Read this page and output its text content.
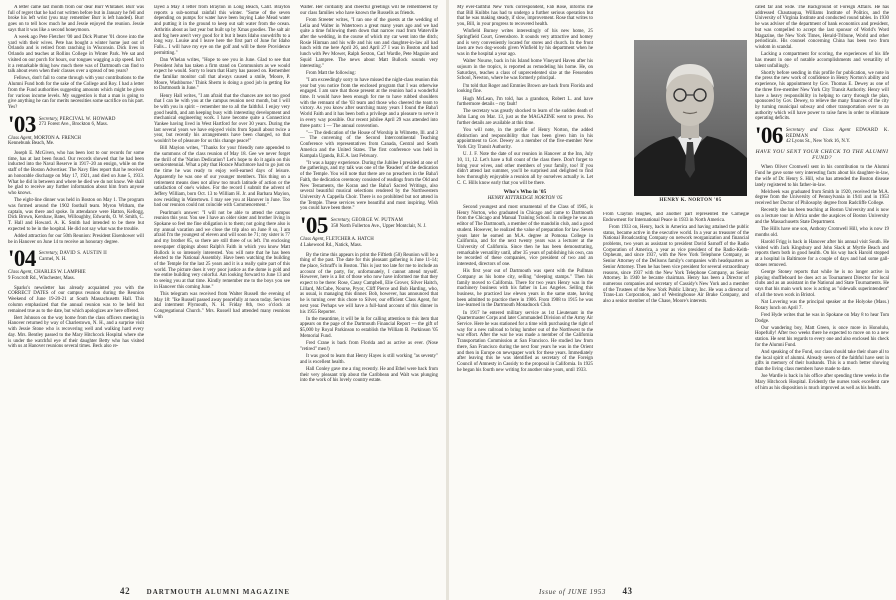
A letter came last month from our dear Burr Whitaker. Burr was full of regret that he had not written before but in January he fell and broke his left wrist (you may remember Burr is left handed). Burr goes on to tell how much he and Jessie enjoyed the reunion. Jessie says that it was like a second honeymoon.

A week ago Pete Fletcher '00 and Dick Plumer '01 drove into the yard with their wives. Pete has bought a winter home just out of Orlando and is retired from ranching in Wisconsin. Dick lives in Orlando and teaches at Rollins College in Winter Park. We sat and visited on our porch for hours, our tongues wagging a zip speed. Isn't it a remarkable thing how much there was of Dartmouth can find to talk about even when their classes over a spread of ten years?

Fellows, don't fail to come through with your contributions to the Alumni Fund both for the sake of the College and Roy. I had a letter from the Fund authorities suggesting amounts which might be given for various income levels. My suggestion is that a man is going to give anything he can for merits necessities some sacrifice on his part. Yes?

'03 Secretary, PERCIVAL W. HOWARD
273 Forest Ave., Brockton 6, Mass.
Class Agent, MORTON A. FRENCH
Kennebunk Beach, Me.

Joseph E. McGiven, who has been lost to our records for some time, has at last been found. Our records showed that he had been inducted into the Naval Reserve in 1917–20 an ensign, while on the staff of the Boston Advertiser. The Navy files report that he received an honorable discharge on May 17, 1921, and died on June 5, 1933. What he did in between and where he died we do not know. We shall be glad to receive any further information about him from anyone who knows.

The eight-line dinner was held in Boston on May 1. The program was formed around the 1902 football team. Myron Witham, the captain, was there and spoke. In attendance were Hatton, Kellogg, Dick Brown, Kershaw, Bates, Willoughby, Edwards, O. W. Smith, C. T. Hall and Howard. A. K. Smith had intended to be there but expected to be in the hospital. He did not say what was the trouble.

Added attraction for our 50th Reunion: President Eisenhower will be in Hanover on June 14 to receive an honorary degree.

'04 Secretary, DAVID S. AUSTIN II
Carmel, N. H.
Class Agent, CHARLES W. LAMPHIE
9 Foxcroft Rd., Winchester, Mass.

Sparks's newsletter has already acquainted you with the CORRECT DATES of our campus reunion during the Reunion Weekend of June 19-20-21 at South Massachusetts Hall. This column emphasized that the annual reunion was to be held but remained true as to the date, but which apologizes are here offered.

Bert Johnson on the way home from the class officers meeting in Hanover returned by way of Charlestown, N. H., and a surprise visit with Jessie Stone who is recovering well and walking hard every day. Mrs. Bentley passed to the Mary Hitchcock Hospital where she is under the watchful eye of their daughter Betty who has visited with us at Hanover reunions several times. Beck also re-

layed a May 4 letter from Brayton in Long Beach, Calif. Brayton reports a sub-normal rainfall this winter. "Some of the seven depending on pumps for water have been buying Lake Mead water and putting it in the ground to keep out salt water from the ocean. Arthritis about as last year but built up by Xmas goodies. The salt air and fog here aren't very good for it but it beats Idaho snowdrifts to a long way. Louise and I leave here the first part of June for Idaho Falls... I will have my eye on the golf and will be there Providence permitting."

Dan Whelan writes, "Hope to see you in June. Glad to see that President John has taken a firm stand on Communism as we would expect he would. Sorry to learn that Harry has passed on. Remember the familiar monitor call that always caused a smile, 'Moore, P. Moore, Washburne.' Think Sherm is doing a good job in getting Ike to Dartmouth in June."

Henry Hall writes, "I am afraid that the chances are not too good that I can be with you at the campus reunion next month, but I will be with you in spirit – remember me to all the faithful. I enjoy very good health, and am keeping busy with interesting development and mechanical engineering work. I have become quite a Connecticut Yankee having lived in West Hartford for over 30 years. During the last several years we have enjoyed visits from Spaull about twice a year, but recently his arrangements have been changed, so that wouldn't be of pleasure for us this change peace!"

Bill Mayion writes, "Thanks for your friendly note appended to the summons of the class reunion of May 18. Gee we never forget the thrill of the 'Nation Dedication'! Let's hope to do it again on this semicentennial. What a pity that Horace Muchmore had to go just on the time he was ready to enjoy well-earned days of leisure. Apparently he was one of our younger members. This thing on a retirement means does not allow too much latitude of action or the satisfaction of one's wishes. For the record I submit the advent of Jeffery William, born Oct. 13 to William H. Jr. and Barbara Mayion, now residing in Watertown. I may see you at Hanover in June. Too bad our reunion could not coincide with Commencement."

Pearlman's answer: "I will not be able to attend the campus reunion this year. You see I have an older sister and brother living in Spokane so feel me fine obligation is to them; not going there also is my annual vacation and we close the trip also on June 8 so, I am afraid I'm the youngest of eleven and will soon be 71; my sister is 77 and my brother 85, so there are still three of us left. I'm enclosing newspaper clippings about Ralph's Faith in which you know Matt Bullock is so intensely interested. You will note that he has been elected to the National Assembly. Have been watching the building of the Temple for the last 25 years and it is a really quite part of this world. The picture does it very poor justice as the dome is gold and the entire building very colorful. Am looking forward to June 13 and to seeing you at that time. Kindly remember me to the boys you see in Hanover this coming June."

This telegram was received from Walter Russell the evening of May 18: "Ike Russell passed away peacefully at noon today. Services and interment Plymouth, N. H. Friday 8th, two o'clock at Congregational Church." Mrs. Russell had attended many reunions with

Walter. Her cordiality and cheerful greetings will be remembered by our class families who have known the Russells as friends.

From Streeter writes, "I ran one of the guests at the wedding of Lelia and Walter in Watertown a great many years ago and we had quite a time following them down that narrow road from Waterville after the wedding, in the course of which my car went into the ditch; Rosie Hinman and his wife and his son and daughter-in-law all had lunch with me here April 26, and April 27 I was in Boston and had lunch with Pev Mower, Ralph Sexton, Carl Wardle, Pete Maguire and Squid Lampree. The news about Matt Bullock sounds very interesting."

From Matt the following:

"I am exceedingly sorry to have missed the night-class reunion this year but you notice from the enclosed program that I was otherwise engaged. I am sure that those present at the reunion had a wonderful time. It would have been enough for me to have rubbed shoulders with the remnant of the '03 team and those who cheered the team to victory. As you know after searching many years I found the Baha'i World Faith and it has been both a privilege and a pleasure to serve it in every way possible. Our recent jubilee April 29 was attended into three parts: 1 — The annual convention.

"— The dedication of the House of Worship in Wilmette, Ill. and 3 — The convening of the Second Intercontinental Teaching Conference with representatives from Canada, Central and South America and the United States. The first conference was held in Kampala Uganda, B.E.A. last February.

"It was a happy experience. During the Jubilee I presided at one of the gatherings, and my talk was one of the 'Readers' of the dedication of the Temple. You will note that there are no preachers in the Baha'i Faith, the dedication ceremony consisted of readings from the Old and New Testaments, the Koran and the Baha'i Sacred Writings, also several beautiful musical selections rendered by the Northwestern University A Cappella Choir. There is no prohibited but not attend in the Temple. These services were beautiful and most inspiring. Wish you could have been there."

'05 Secretary, GEORGE W. PUTNAM
358 North Fullerton Ave., Upper Montclair, N. J.
Class Agent, FLETCHER A. HATCH
4 Lakewood Rd., Natick, Mass.

By the time this appears in print the Fiftieth (50) Reunion will be a thing of the past. The date for this pleasant gathering is June 11-14; the place, Schraff's in Boston. This is just too late for me to include an account of the party, for, unfortunately, I cannot attend myself. However, here is a list of those who now have informed me that they expect to be there: Rose, Cassy Campbell, Elie Grover, Silver Haitch, Lillard, McCabe, Nourse, Pryor, Cliff Pierce and Bob Harding, who, as usual, is managing this dinner. Bob, however, has announced that he is turning over this chore to Silver, our efficient Class Agent, for next year. Perhaps we will have a full-hand account of this dinner in his 1955 Reporter.

In the meantime, it will be in for calling attention to this item that appears on the page of the Dartmouth Financial Report — the gift of $5,000 by Royal Parkinson to establish the William B. Parkinson '05 Memorial Fund.

Fred Crane is back from Florida and as active as ever. (Nose "retired" men!)

It was good to learn that Henry Hayes is still working "as seventy" and is excellent health.

Hall Conley gave me a ring recently. He and Ethel were back from their very pleasant trip about the Caribbean and Walt was plunging into the work of his lovely country estate.

42 DARTMOUTH ALUMNI MAGAZINE

My ever-faithful New York correspondent, Fab Rose, informs me that Bill Knibbs has had to undergo a further serious operation but that he was making steady, if slow, improvement. Rose that writes to you, Bill, in your progress to recovered health.

Winfield Burney writes interestingly of his new home, 25 Springfield Court, Greensboro. It sounds very attractive and homey and is very conveniently located for stores and church. In the front lawn are two dog-woods given Winfield by his department when he was in the hospital a year ago.

Walter Nourse, back in his Island home Vineyard Haven after his sojourn in the tropics, is reported as remodeling his home. He, on Saturdays, teaches a class of unprecedented size at the Fessenden School, Newton, where he was formerly principal.

I'm told that Roger and Emmies Brown are back from Florida and looking fine.

Hugh McLean, I'm told, has a grandson, Robert L. and have furthermore details – my fault!

The secretary was greatly shocked to learn of the sudden death of John Lang on Mar. 13, just as the MAGAZINE went to press. No further details are available at this time.

You will note, in the profile of Henry Norton, the added distinction and responsibility that has been given him in his appointment to Gov. Dewey as a member of the five-member New York City Transit Authority.

U. J. F. Note the date of our reunion in Hanover at the Inn, July 10, 11, 12. Let's have a full count of the class there. Don't forget to bring your wives, and other members of your family, too! If you didn't attend last summer, you'll be surprised and delighted to find how thoroughly enjoyable a reunion all by ourselves actually is. Let C. C. Hills know early that you will be there.

Who's Who in '05
HENRY KITTREDGE NORTON '05

Second youngest and most ornamental of the Class of 1905, is Henry Norton, who graduated in Chicago and came to Dartmouth from the Chicago and Manual Training School. In college he was an editor of The Dartmouth, a member of the mandolin club, and a good student. However, he realized the value of preparation for law. Seven years later he earned an M.A. degree at Pomona College in California, and for the next twenty years was a lecturer at the University of California. Since then he has been demonstrating, remarkable versatility until, after 35 years of publishing his own, can be recorded of these companies, vice president of two and an interested, directors of one.

His first year out of Dartmouth was spent with the Pullman Company as his home city, selling "sleeping stamps." Then his family moved to California. There for two years Henry was in the machinery business with his father in Los Angeles. Selling this business, he practiced law eleven years in the same state, having been admitted to practice there in 1906. From 1908 to 1915 he was law-learned in the Dartmouth Monadnock Club.

In 1917 he entered military service as 1st Lieutenant in the Quartermaster Corps and later Commanded Division of the Army Air Service. Here he was stationed for a time with purchasing the right of way for a new railroad to bring lumber out of the Northwest to the war effort. After the war he was made a member of the California Transportation Commission at San Francisco. He studied law from there, San Francisco during the next four years he was in the Orient and then in Europe on newspaper work for these years. Immediately after leaving this he was identified as secretary of the Foreign Council of Amnesty in Cassidy to the proposal in California. In 1925 he began his fourth new writing for another nine years, until 1933.

HENRY K. NORTON '05

From Clayton Hughes, and another part represented the Carnegie Endowment for International Peace in 1933 in North America.

From 1933 on, Henry, back in America and having attained the public status, became active in the executive world. In a year as treasurer of the National Broadcasting Company on network reorganization and financial problems, two years as assistant to president David Sarnoff of the Radio Corporation of America, a year as vice president of the Radio-Keith-Orpheum, and since 1937, with the New York Telephone Company, as Senior Attorney of the Dellsons family's companies with headquarters as Senior Attorney. Then he has been vice president for several extraordinary reasons, since 1937 with the New York Telephone Company, as Senior Attorney. In 1940 he became chairman. Henry has been a Director of numerous companies and secretary of Cassidy's New York and a member of the Trustees of the New York Public Library, Inc. He was a director of Trans-Lux Corporation, and of Westinghouse Air Brake Company, and also a senior member of the Chase, Moore's interests.

cated far and wide. The Background of Foreign Affairs. He has addressed Chautauqua, Williams Institute of Politics, and the University of Virginia Institute and conducted round tables. In 1930 he was adviser of the department of bank economics and president, but was compelled to accept the last sponsor of World's Word Magazine, the New York Times, Herald-Tribune, World and other periodicals. His counsel concerning China has been two from wisdom in scandal.

Lacking a compartment for scoring, the experiences of his life has meant in one of notable accomplishments and versatility of talent unfailingly.

Shortly before sending in this profile for publication, we note in the press the new work of confidence in Henry Norton's ability and experience, his appointment by Gov. Thomas E. Dewey as one of the three five-member New York City Transit Authority. Henry will have a heavy responsibility in helping to carry through the plan, sponsored by Gov. Dewey, to relieve the many finances of the city by turning municipal subway and other transportation over to an authority which will have power to raise fares in order to eliminate operating deficits.

'06 Secretary and Class Agent EDWARD K. REDMAN
42 Lyons St., New York 16, N.Y.
HAVE YOU SENT YOUR CHECK TO THE ALUMNI FUND?

When Oliver Cromwell sent in his contribution to the Alumni Fund he gave some very interesting facts about his daughter-in-law, the wife of Dr. Henry S. Hill, who has attended the Boston disease lately registered to his father-in-law.

Melcheek was graduated from Smith in 1920, received the M.A. degree from the University of Pennsylvania in 1941 and in 1953 received her Doctor of Philosophy degree from Radcliffe College.

Recently she has been teaching at Boston University and is now on a lecture tour in Africa under the auspices of Boston University and the Massachusetts State Department.

The Hills have one son, Anthony Cromwell Hill, who is now 19 months old.

Harold Frigg is back in Hanover after his annual visit South. He visited with Jack Kingsbury and John Slack at Myrtle Beach and reports them both in good health. On his way back Harold stopped at a hospital in Baltimore for a couple of days and had some gall-stones removed.

George Stoney reports that while he is no longer active in playing shuffleboard he does act as Tournament Director for local clubs and as an assistant in the National and State Tournaments. He says that his main work now is acting as "sidewalk superintendent" of all the town work in Bristol.

Nat Lovering was the principal speaker at the Holyoke (Mass.) Rotary lunch on April 7.

Fred Hyde writes that he was in Spokane on May 8 to hear Tom Dodge.

Our wandering boy, Matt Green, is once more in Honolulu, Hopefully! After two weeks there he expected to move on to a new station. He sent his regards to every one and also enclosed his check for the Alumni Fund.

And speaking of the Fund, our class should take their share all to the local spirit of alumni. Already seven of the faithful have sent in gifts in memory of their husbands. This is a much better showing than the living class members have made to date.

Joe Wardle is back in his office after spending three weeks in the Mary Hitchcock Hospital. Evidently the nurses took excellent care of him as his disposition is much improved as well as his health.

Issue of JUNE 1953 43
